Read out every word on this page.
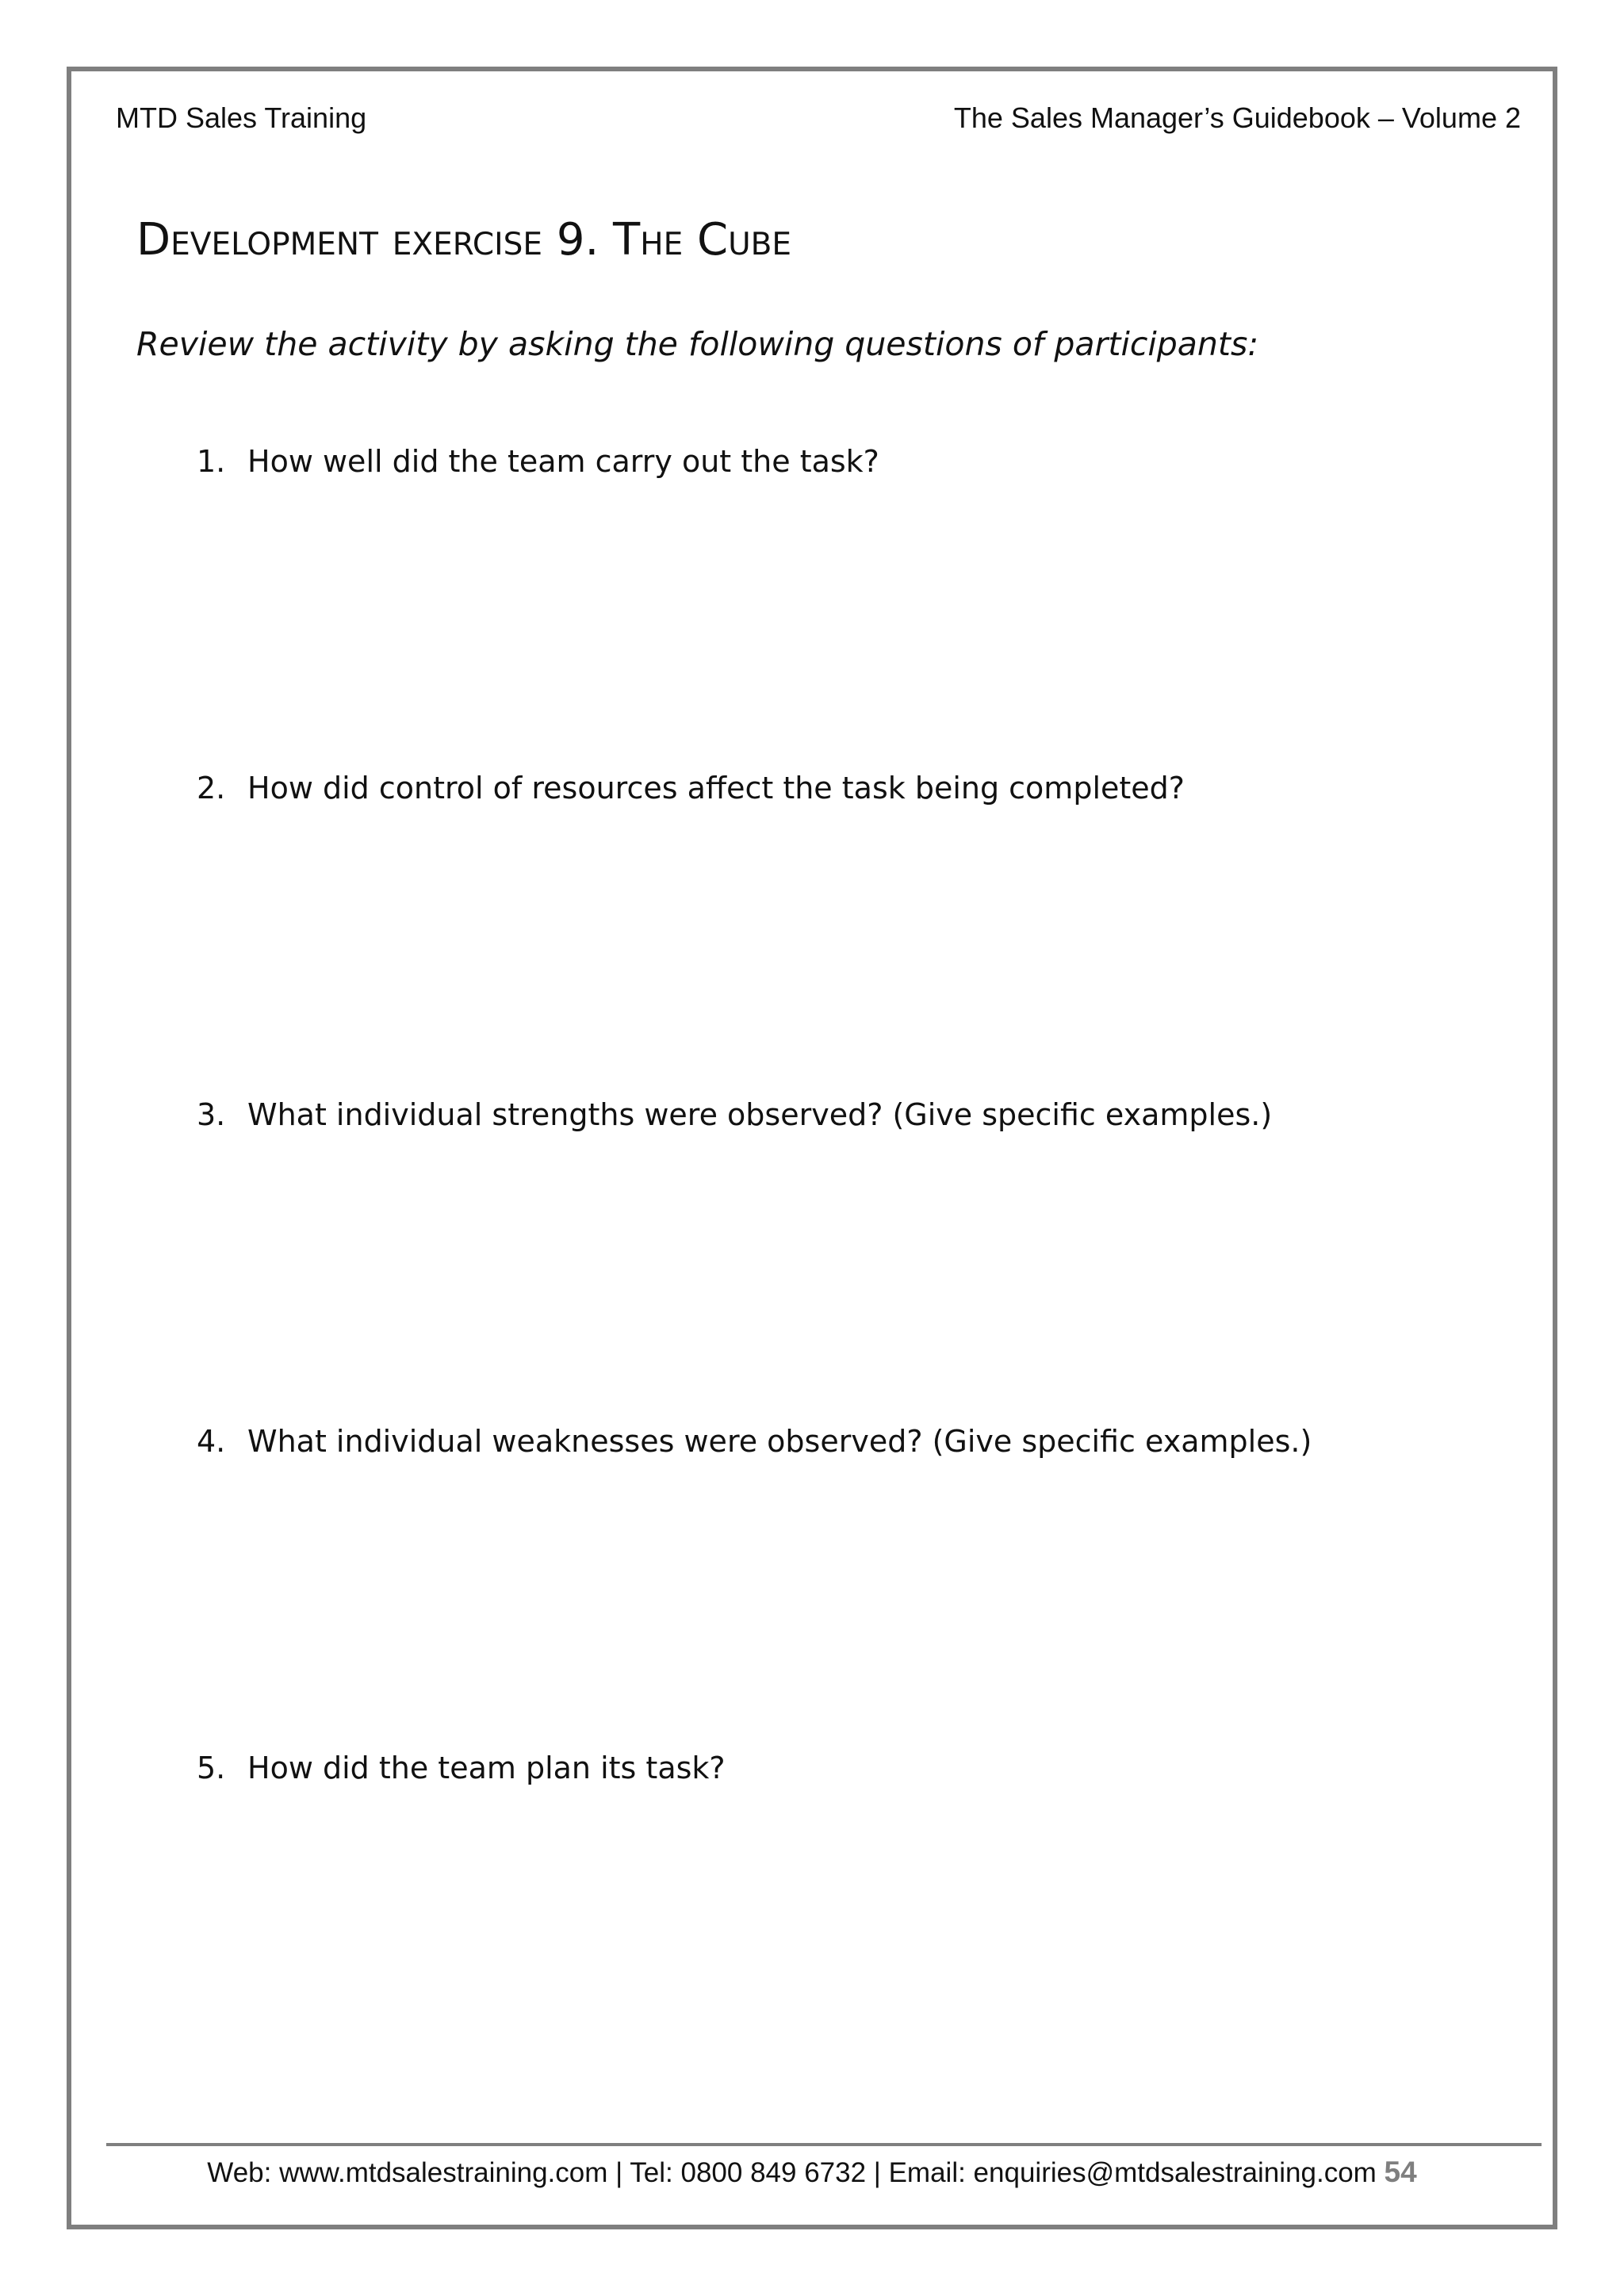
MTD Sales Training	The Sales Manager’s Guidebook – Volume 2
Development exercise 9. The Cube
Review the activity by asking the following questions of participants:
1. How well did the team carry out the task?
2. How did control of resources affect the task being completed?
3. What individual strengths were observed? (Give specific examples.)
4. What individual weaknesses were observed? (Give specific examples.)
5. How did the team plan its task?
Web: www.mtdsalestraining.com | Tel: 0800 849 6732 | Email: enquiries@mtdsalestraining.com 54
